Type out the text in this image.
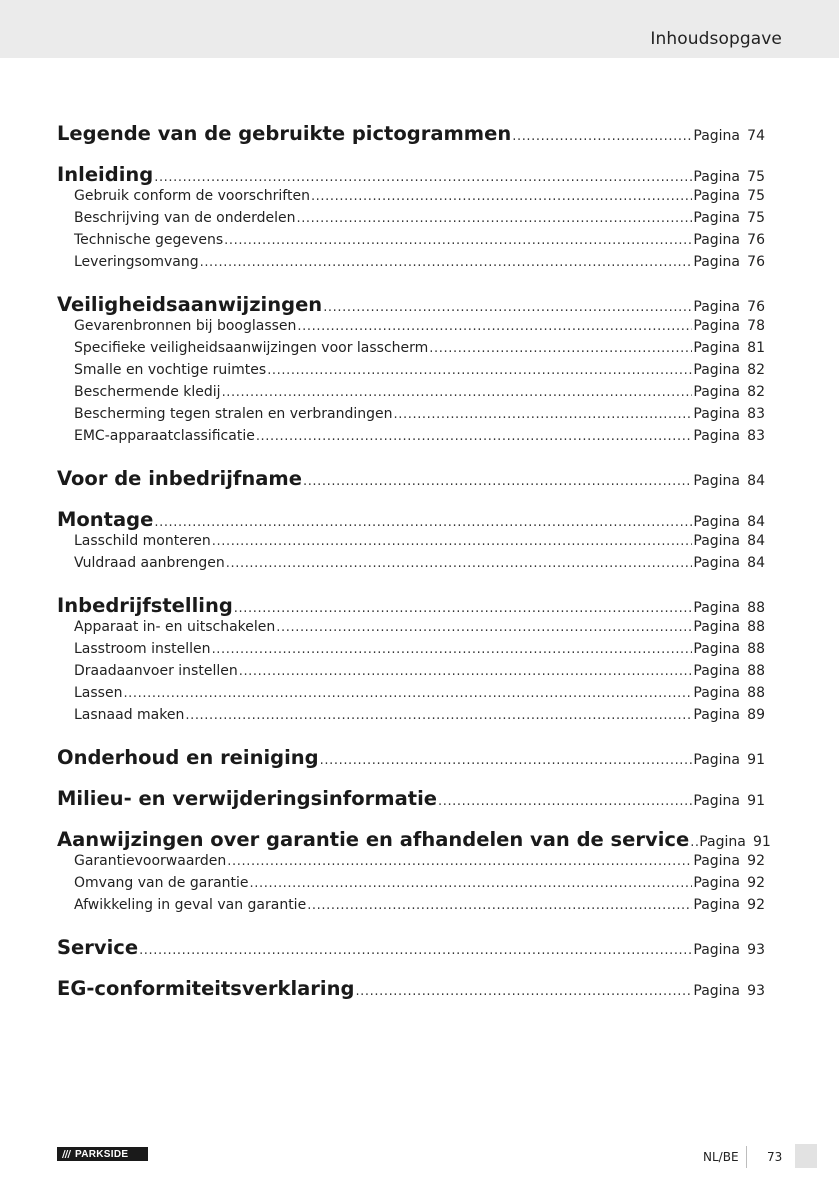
Inhoudsopgave
Legende van de gebruikte pictogrammen .....	Pagina 74
Inleiding .....	Pagina 75
Gebruik conform de voorschriften .....	Pagina 75
Beschrijving van de onderdelen .....	Pagina 75
Technische gegevens .....	Pagina 76
Leveringsomvang .....	Pagina 76
Veiligheidsaanwijzingen .....	Pagina 76
Gevarenbronnen bij booglassen .....	Pagina 78
Specifieke veiligheidsaanwijzingen voor lasscherm .....	Pagina 81
Smalle en vochtige ruimtes .....	Pagina 82
Beschermende kledij .....	Pagina 82
Bescherming tegen stralen en verbrandingen .....	Pagina 83
EMC-apparaatclassificatie .....	Pagina 83
Voor de inbedrijfname .....	Pagina 84
Montage .....	Pagina 84
Lasschild monteren .....	Pagina 84
Vuldraad aanbrengen .....	Pagina 84
Inbedrijfstelling .....	Pagina 88
Apparaat in- en uitschakelen .....	Pagina 88
Lasstroom instellen .....	Pagina 88
Draadaanvoer instellen .....	Pagina 88
Lassen .....	Pagina 88
Lasnaad maken .....	Pagina 89
Onderhoud en reiniging .....	Pagina 91
Milieu- en verwijderingsinformatie .....	Pagina 91
Aanwijzingen over garantie en afhandelen van de service ..... Pagina 91
Garantievoorwaarden .....	Pagina 92
Omvang van de garantie .....	Pagina 92
Afwikkeling in geval van garantie .....	Pagina 92
Service .....	Pagina 93
EG-conformiteitsverklaring .....	Pagina 93
/// PARKSIDE	NL/BE 73
